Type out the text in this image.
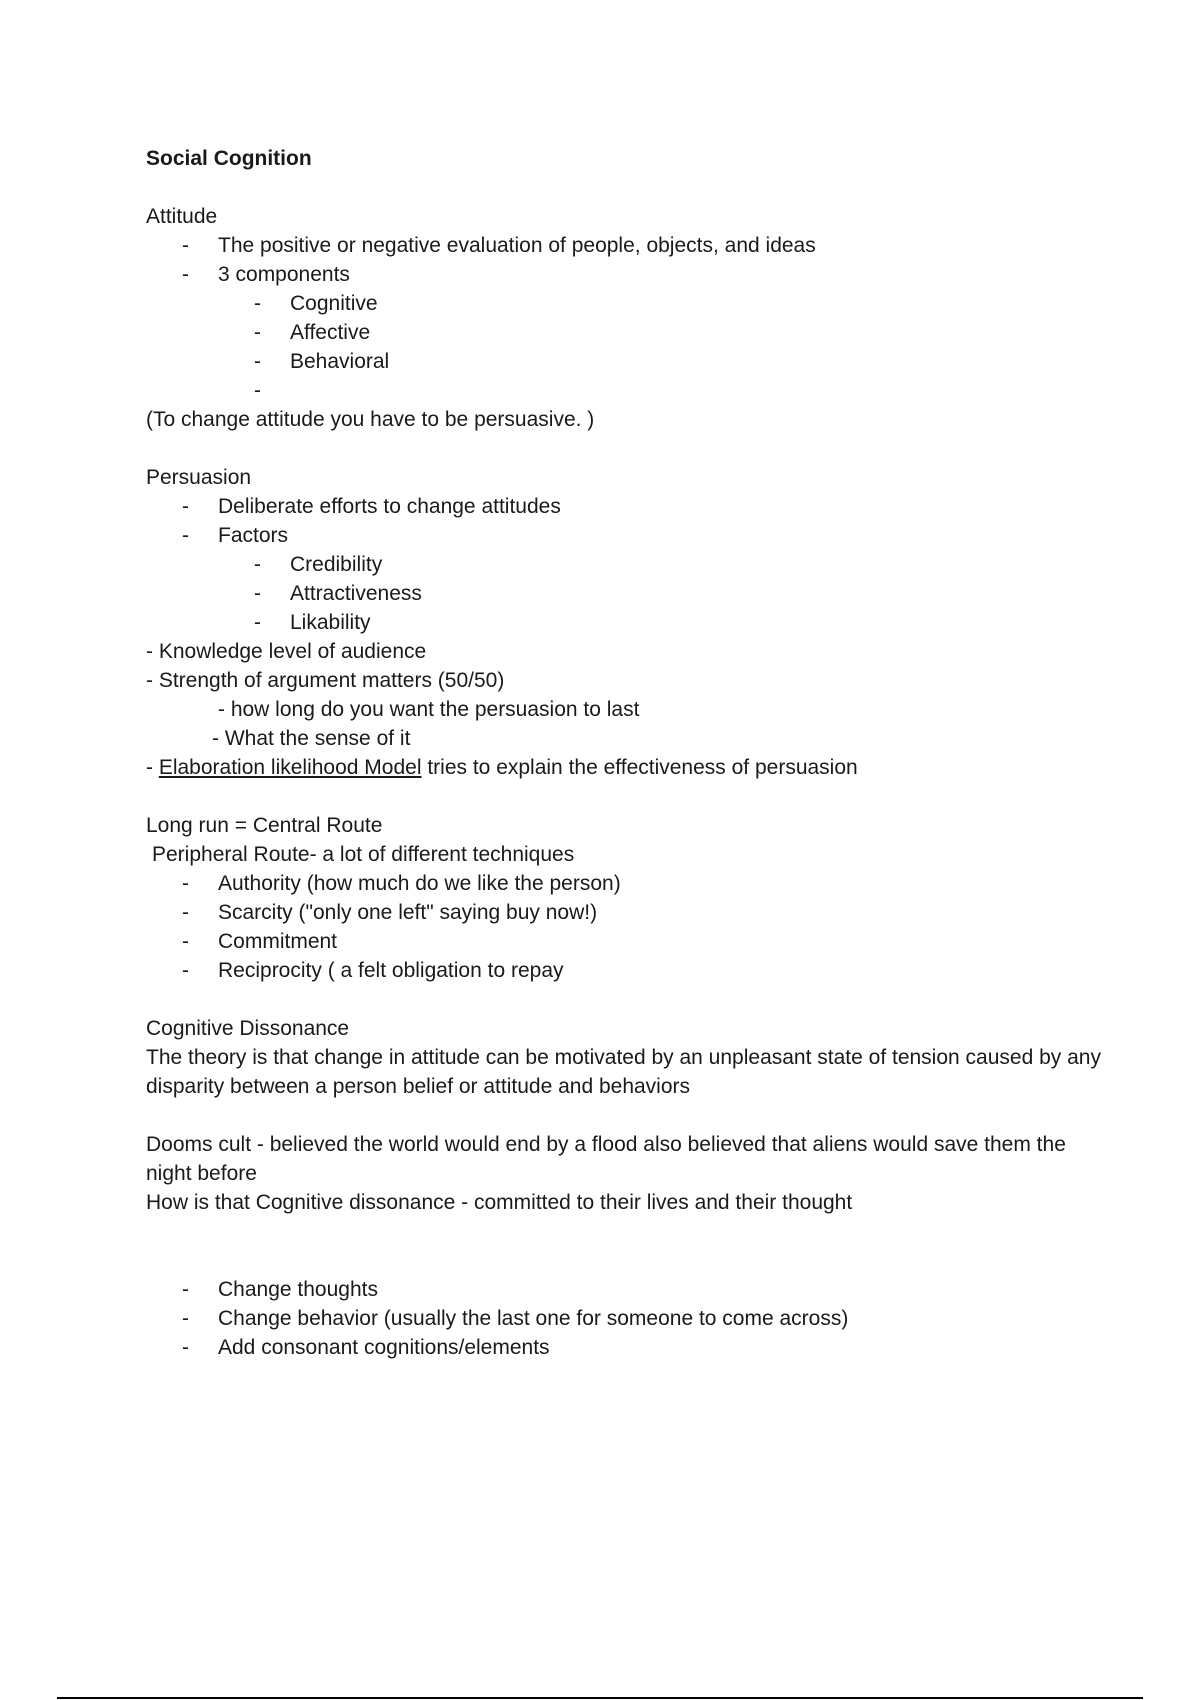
Social Cognition
Attitude
- The positive or negative evaluation of people, objects, and ideas
- 3 components
- Cognitive
- Affective
- Behavioral
-
(To change attitude you have to be persuasive. )
Persuasion
- Deliberate efforts to change attitudes
- Factors
- Credibility
- Attractiveness
- Likability
- Knowledge level of audience
- Strength of argument matters (50/50)
- how long do you want the persuasion to last
- What the sense of it
- Elaboration likelihood Model tries to explain the effectiveness of persuasion
Long run = Central Route
Peripheral Route- a lot of different techniques
- Authority (how much do we like the person)
- Scarcity ("only one left" saying buy now!)
- Commitment
- Reciprocity ( a felt obligation to repay
Cognitive Dissonance
The theory is that change in attitude can be motivated by an unpleasant state of tension caused by any disparity between a person belief or attitude and behaviors
Dooms cult - believed the world would end by a flood also believed that aliens would save them the night before
How is that Cognitive dissonance - committed to their lives and their thought
- Change thoughts
- Change behavior (usually the last one for someone to come across)
- Add consonant cognitions/elements
